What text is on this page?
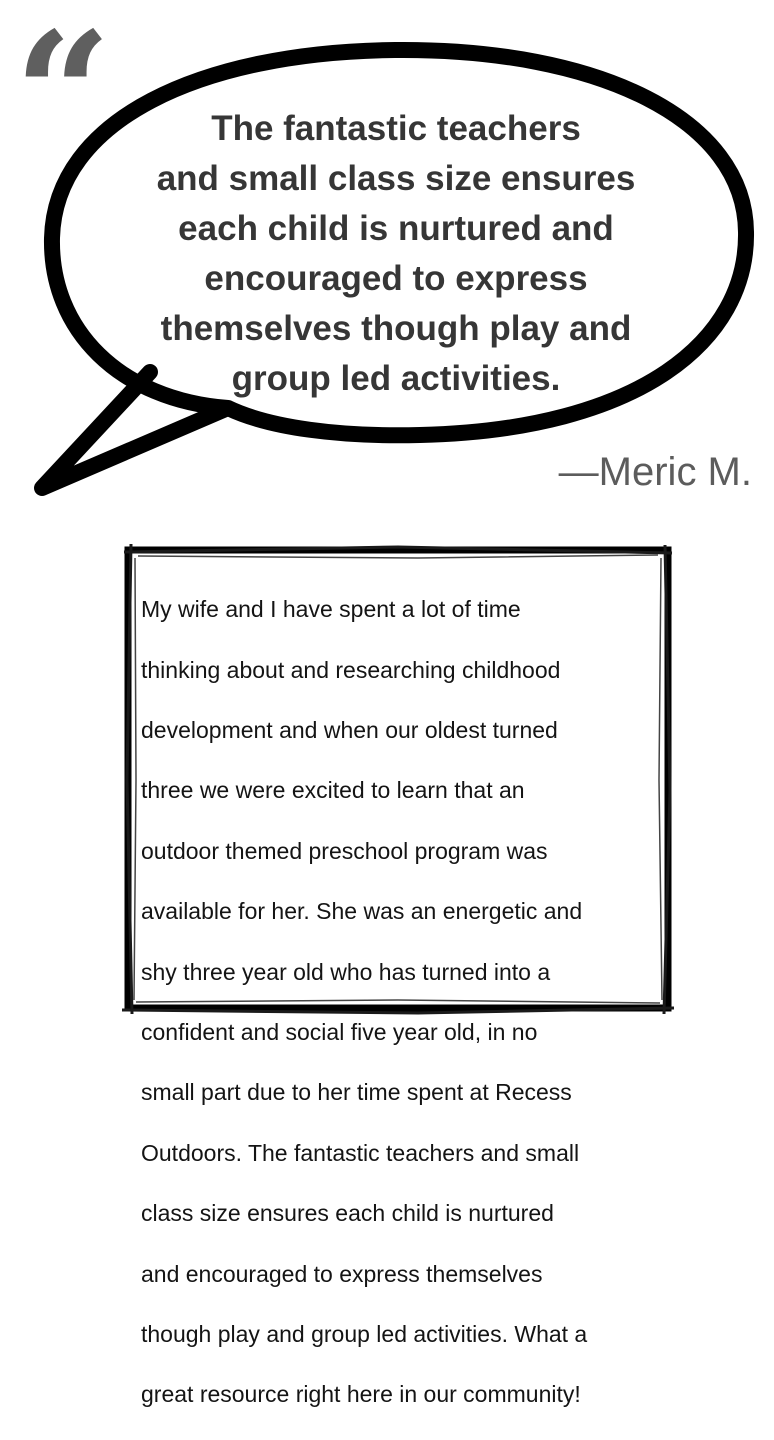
“	The fantastic teachers
and small class size ensures
each child is nurtured and
encouraged to express
themselves though play and
group led activities.
—Meric M.

My wife and I have spent a lot of time

thinking about and researching childhood

development and when our oldest turned

three we were excited to learn that an

outdoor themed preschool program was

available for her. She was an energetic and

shy three year old who has turned into a

confident and social five year old, in no

small part due to her time spent at Recess

Outdoors. The fantastic teachers and small

class size ensures each child is nurtured

and encouraged to express themselves

though play and group led activities. What a

great resource right here in our community!
